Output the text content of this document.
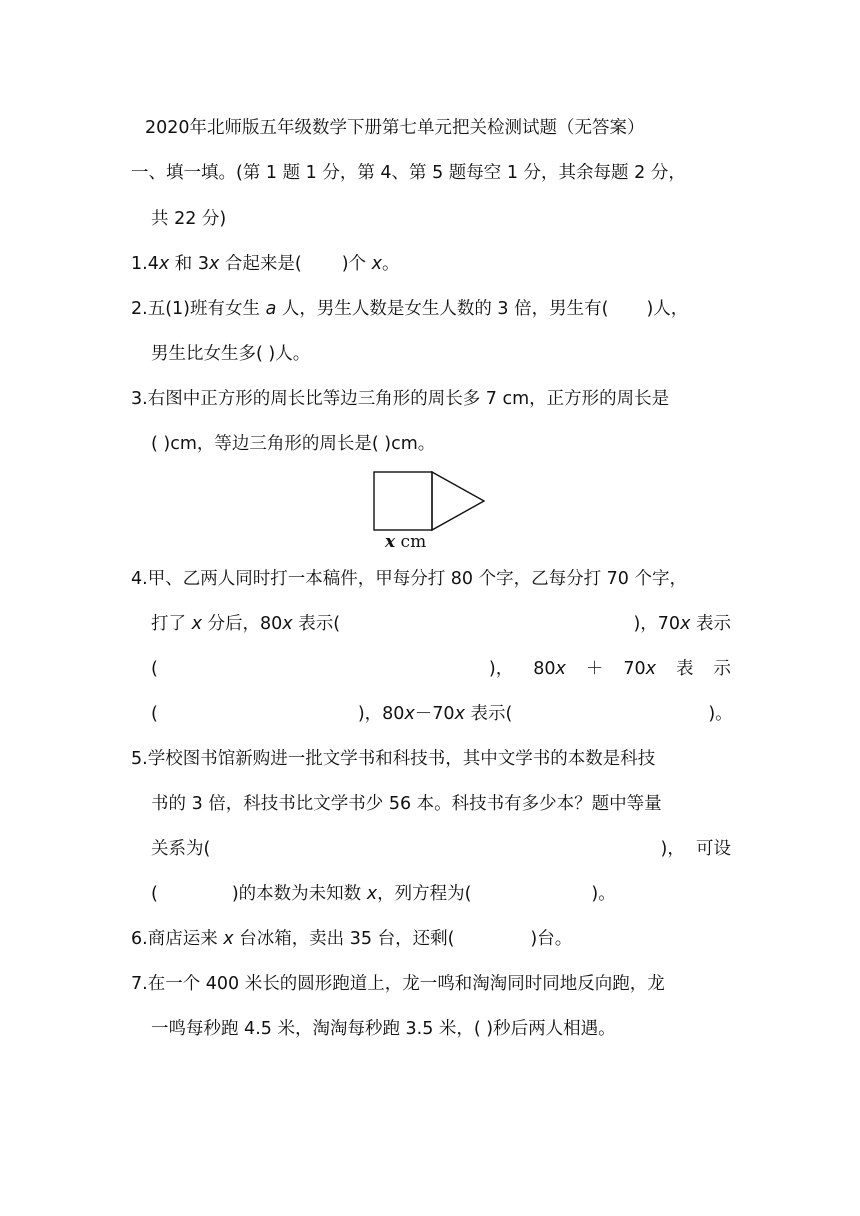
2020年北师版五年级数学下册第七单元把关检测试题（无答案）
一、填一填。(第 1 题 1 分，第 4、第 5 题每空 1 分，其余每题 2 分，
共 22 分)
1.4x 和 3x 合起来是( )个 x。
2.五(1)班有女生 a 人，男生人数是女生人数的 3 倍，男生有( )人，
男生比女生多( )人。
3.右图中正方形的周长比等边三角形的周长多 7 cm，正方形的周长是
( )cm，等边三角形的周长是( )cm。
x cm
4.甲、乙两人同时打一本稿件，甲每分打 80 个字，乙每分打 70 个字，
打了 x 分后，80x 表示(	)，70x 表示
(	)， 80x ＋ 70x 表 示
(	)，80x－70x 表示(	)。
5.学校图书馆新购进一批文学书和科技书，其中文学书的本数是科技
书的 3 倍，科技书比文学书少 56 本。科技书有多少本？题中等量
关系为(	)， 可设
(	)的本数为未知数 x，列方程为(	)。
6.商店运来 x 台冰箱，卖出 35 台，还剩(	)台。
7.在一个 400 米长的圆形跑道上，龙一鸣和淘淘同时同地反向跑，龙
一鸣每秒跑 4.5 米，淘淘每秒跑 3.5 米，( )秒后两人相遇。
